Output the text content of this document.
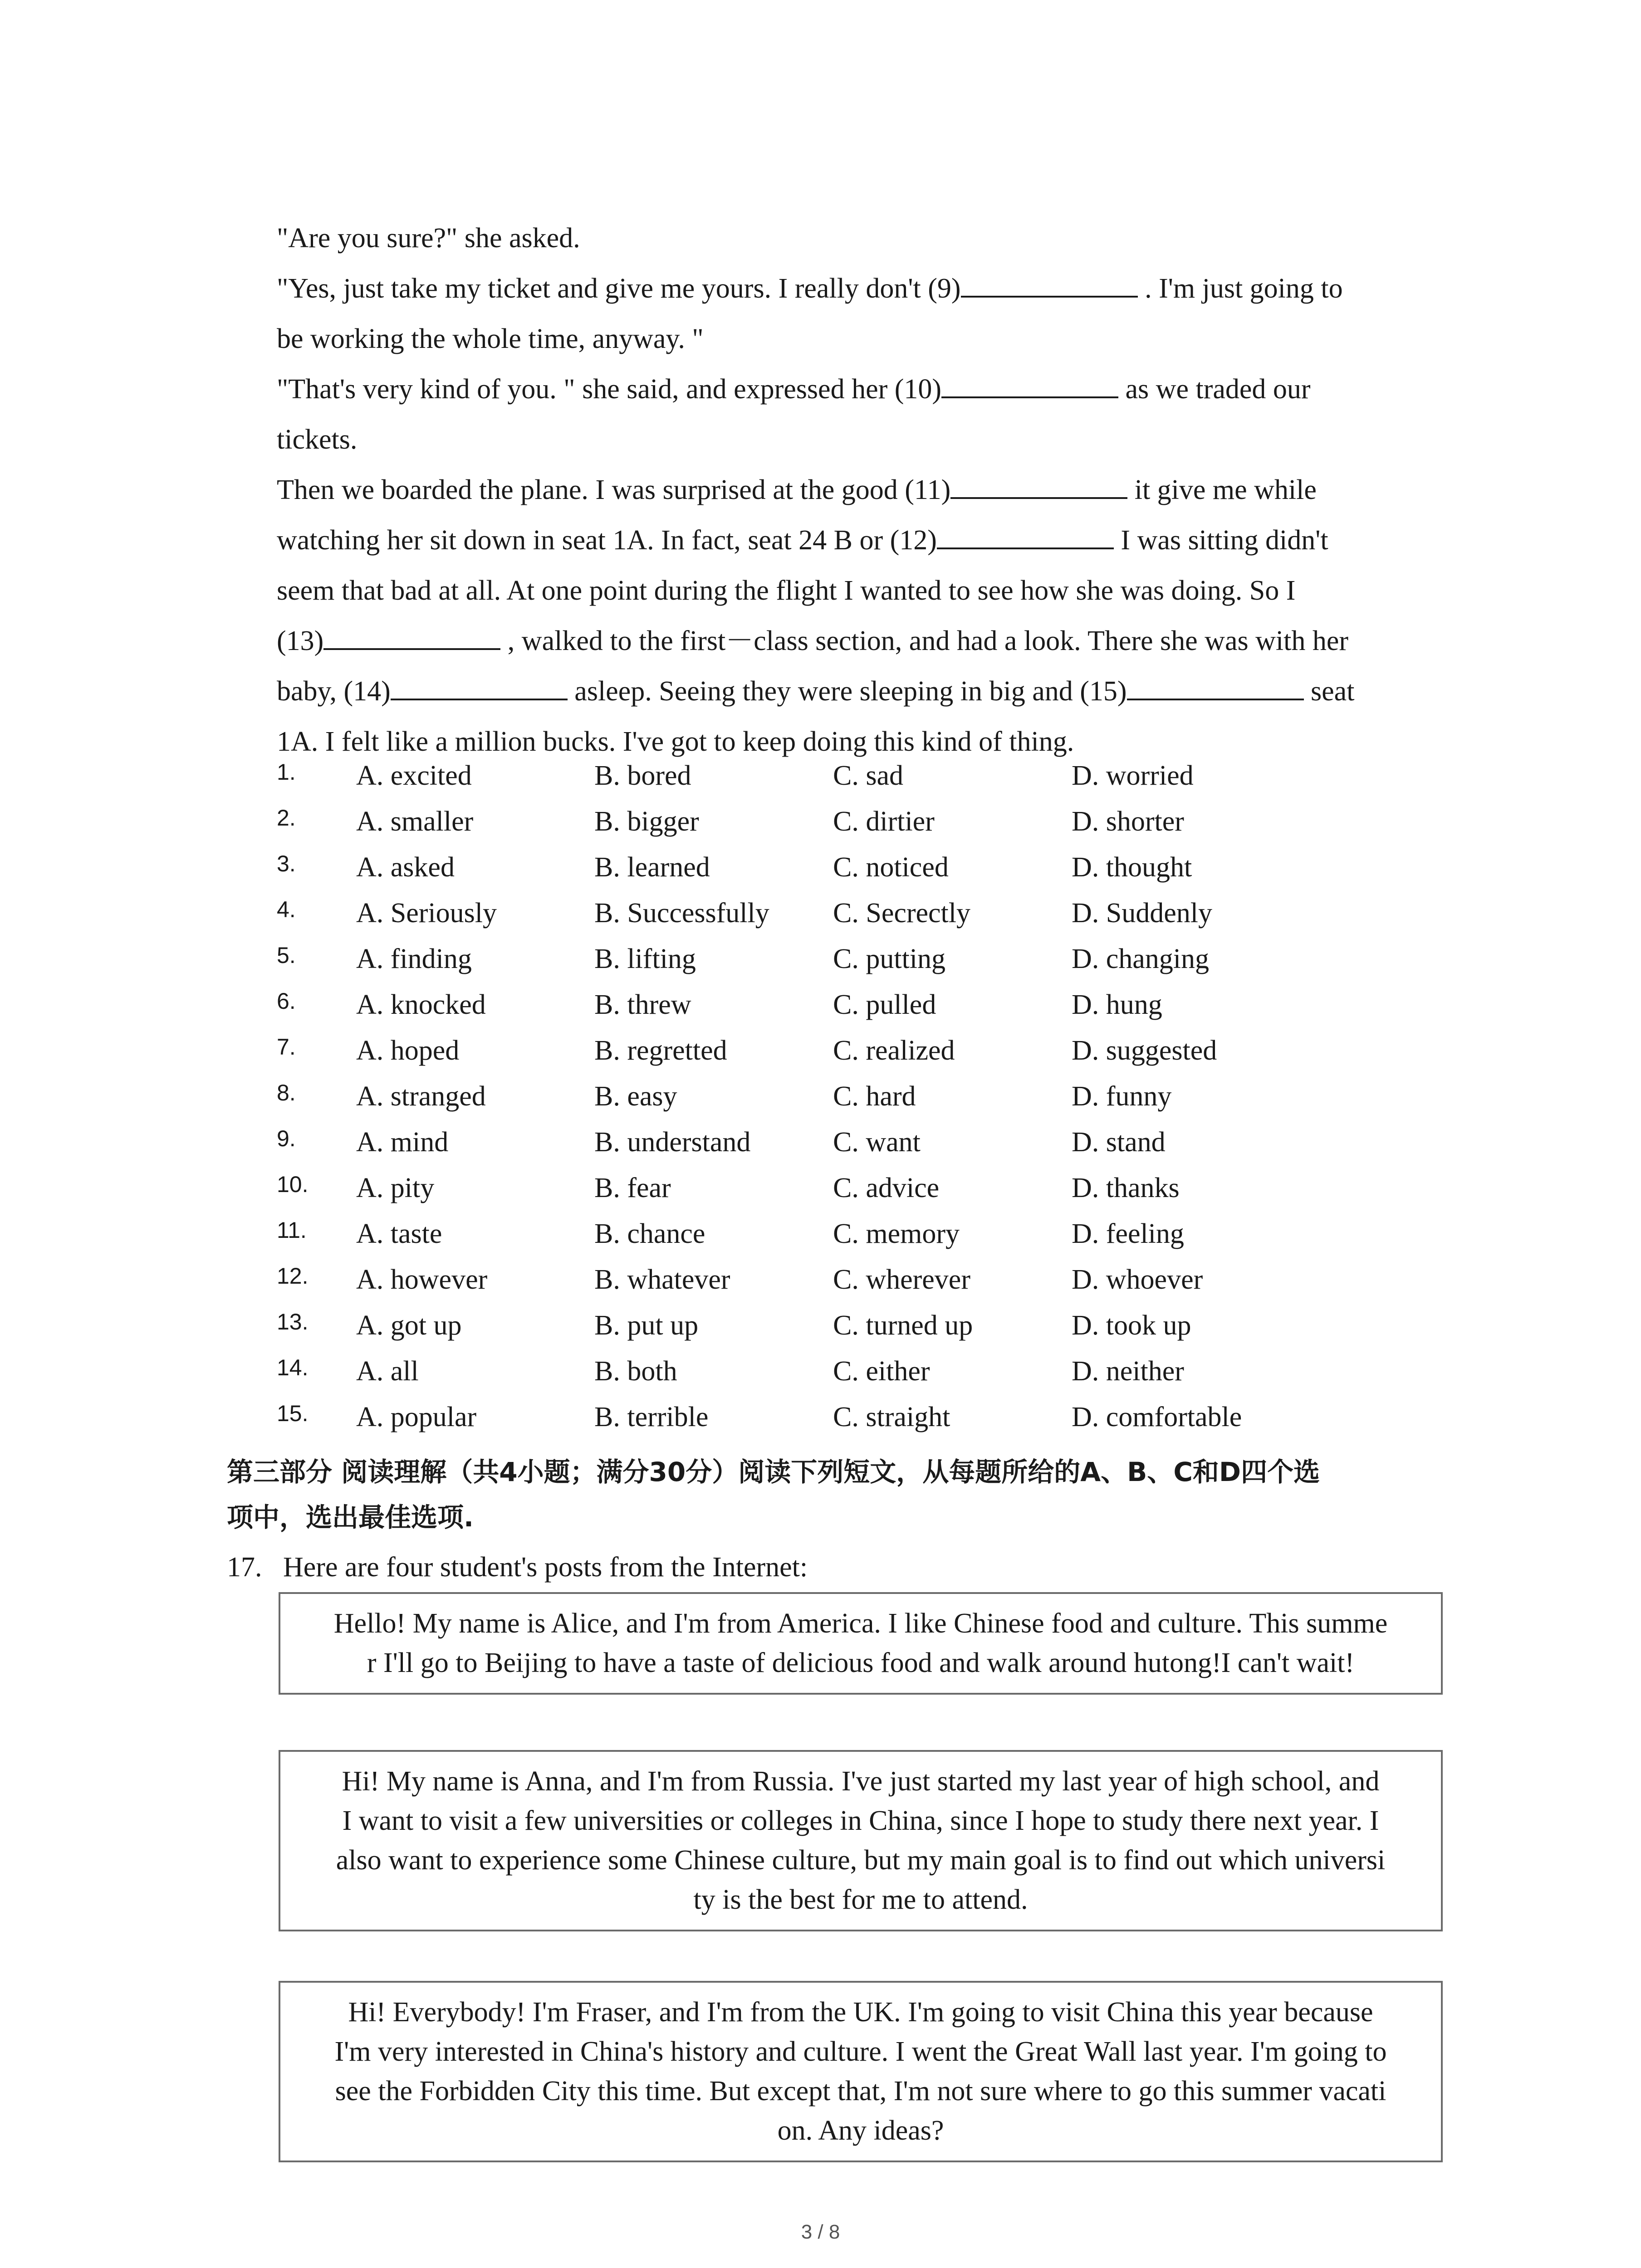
"Are you sure?" she asked.
"Yes, just take my ticket and give me yours. I really don't (9)	. I'm just going to
be working the whole time, anyway. "
"That's very kind of you. " she said, and expressed her (10)	as we traded our
tickets.
Then we boarded the plane. I was surprised at the good (11)	it give me while
watching her sit down in seat 1A. In fact, seat 24 B or (12)	I was sitting didn't
seem that bad at all. At one point during the flight I wanted to see how she was doing. So I
(13)	, walked to the first－class section, and had a look. There she was with her
baby, (14)	asleep. Seeing they were sleeping in big and (15)	seat
1A. I felt like a million bucks. I've got to keep doing this kind of thing.
1. A. excited	B. bored	C. sad	D. worried
2. A. smaller	B. bigger	C. dirtier	D. shorter
3. A. asked	B. learned	C. noticed	D. thought
4. A. Seriously	B. Successfully C. Secrectly	D. Suddenly
5. A. finding	B. lifting	C. putting	D. changing
6. A. knocked	B. threw	C. pulled	D. hung
7. A. hoped	B. regretted	C. realized	D. suggested
8. A. stranged	B. easy	C. hard	D. funny
9. A. mind	B. understand	C. want	D. stand
10. A. pity	B. fear	C. advice	D. thanks
11. A. taste	B. chance	C. memory	D. feeling
12. A. however	B. whatever	C. wherever	D. whoever
13. A. got up	B. put up	C. turned up	D. took up
14. A. all	B. both	C. either	D. neither
15. A. popular	B. terrible	C. straight	D. comfortable
第三部分 阅读理解（共4小题；满分30分）阅读下列短文，从每题所给的A、B、C和D四个选
项中，选出最佳选项.
17.   Here are four student's posts from the Internet:
Hello! My name is Alice, and I'm from America. I like Chinese food and culture. This summe
r I'll go to Beijing to have a taste of delicious food and walk around hutong!I can't wait!
Hi! My name is Anna, and I'm from Russia. I've just started my last year of high school, and
I want to visit a few universities or colleges in China, since I hope to study there next year. I
also want to experience some Chinese culture, but my main goal is to find out which universi
ty is the best for me to attend.
Hi! Everybody! I'm Fraser, and I'm from the UK. I'm going to visit China this year because
I'm very interested in China's history and culture. I went the Great Wall last year. I'm going to
see the Forbidden City this time. But except that, I'm not sure where to go this summer vacati
on. Any ideas?
3 / 8
